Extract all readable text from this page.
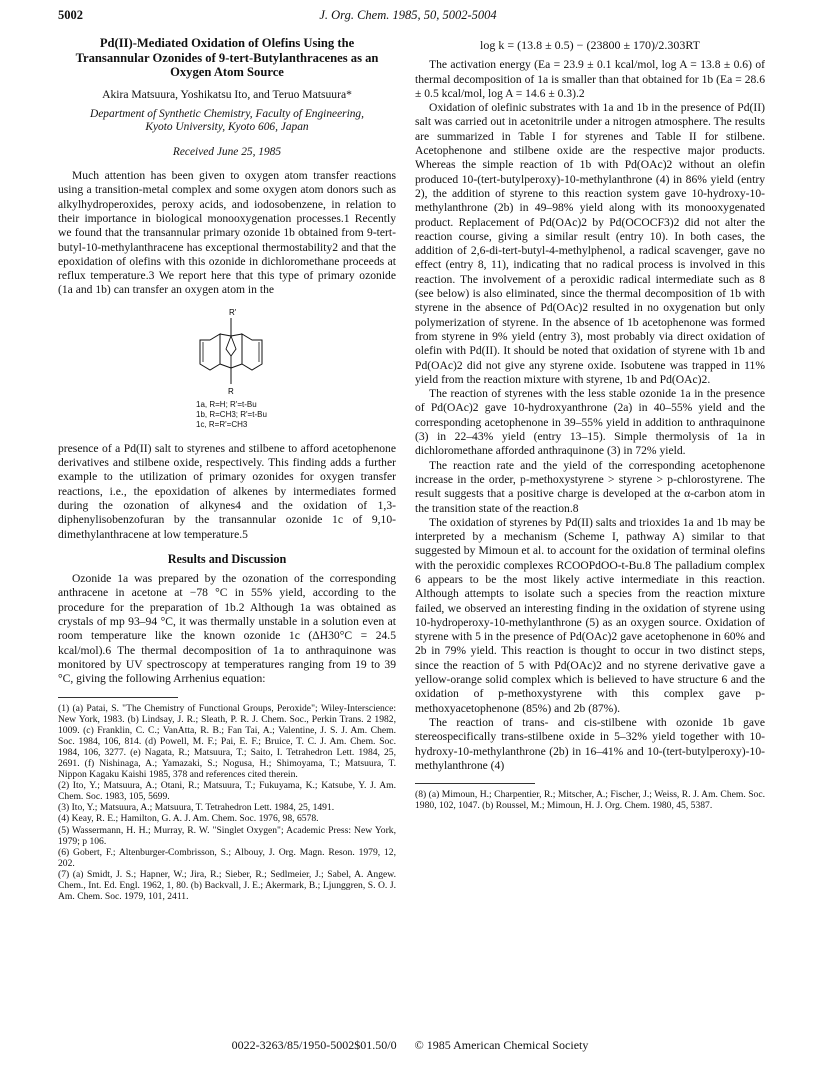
5002	J. Org. Chem. 1985, 50, 5002-5004
Pd(II)-Mediated Oxidation of Olefins Using the Transannular Ozonides of 9-tert-Butylanthracenes as an Oxygen Atom Source
Akira Matsuura, Yoshikatsu Ito, and Teruo Matsuura*
Department of Synthetic Chemistry, Faculty of Engineering, Kyoto University, Kyoto 606, Japan
Received June 25, 1985

Much attention has been given to oxygen atom transfer reactions using a transition-metal complex and some oxygen atom donors such as alkylhydroperoxides, peroxy acids, and iodosobenzene, in relation to their importance in biological monooxygenation processes.1 Recently we found that the transannular primary ozonide 1b obtained from 9-tert-butyl-10-methylanthracene has exceptional thermostability2 and that the epoxidation of olefins with this ozonide in dichloromethane proceeds at reflux temperature.3 We report here that this type of primary ozonide (1a and 1b) can transfer an oxygen atom in the

R'
R
1a, R=H; R'=t-Bu
1b, R=CH3; R'=t-Bu
1c, R=R'=CH3

presence of a Pd(II) salt to styrenes and stilbene to afford acetophenone derivatives and stilbene oxide, respectively. This finding adds a further example to the utilization of primary ozonides for oxygen transfer reactions, i.e., the epoxidation of alkenes by intermediates formed during the ozonation of alkynes4 and the oxidation of 1,3-diphenylisobenzofuran by the transannular ozonide 1c of 9,10-dimethylanthracene at low temperature.5

Results and Discussion

Ozonide 1a was prepared by the ozonation of the corresponding anthracene in acetone at −78 °C in 55% yield, according to the procedure for the preparation of 1b.2 Although 1a was obtained as crystals of mp 93–94 °C, it was thermally unstable in a solution even at room temperature like the known ozonide 1c (ΔH30°C = 24.5 kcal/mol).6 The thermal decomposition of 1a to anthraquinone was monitored by UV spectroscopy at temperatures ranging from 19 to 39 °C, giving the following Arrhenius equation:

(1) (a) Patai, S. "The Chemistry of Functional Groups, Peroxide"; Wiley-Interscience: New York, 1983. (b) Lindsay, J. R.; Sleath, P. R. J. Chem. Soc., Perkin Trans. 2 1982, 1009. (c) Franklin, C. C.; VanAtta, R. B.; Fan Tai, A.; Valentine, J. S. J. Am. Chem. Soc. 1984, 106, 814. (d) Powell, M. F.; Pai, E. F.; Bruice, T. C. J. Am. Chem. Soc. 1984, 106, 3277. (e) Nagata, R.; Matsuura, T.; Saito, I. Tetrahedron Lett. 1984, 25, 2691. (f) Nishinaga, A.; Yamazaki, S.; Nogusa, H.; Shimoyama, T.; Matsuura, T. Nippon Kagaku Kaishi 1985, 378 and references cited therein.
(2) Ito, Y.; Matsuura, A.; Otani, R.; Matsuura, T.; Fukuyama, K.; Katsube, Y. J. Am. Chem. Soc. 1983, 105, 5699.
(3) Ito, Y.; Matsuura, A.; Matsuura, T. Tetrahedron Lett. 1984, 25, 1491.
(4) Keay, R. E.; Hamilton, G. A. J. Am. Chem. Soc. 1976, 98, 6578.
(5) Wassermann, H. H.; Murray, R. W. "Singlet Oxygen"; Academic Press: New York, 1979; p 106.
(6) Gobert, F.; Altenburger-Combrisson, S.; Albouy, J. Org. Magn. Reson. 1979, 12, 202.
(7) (a) Smidt, J. S.; Hapner, W.; Jira, R.; Sieber, R.; Sedlmeier, J.; Sabel, A. Angew. Chem., Int. Ed. Engl. 1962, 1, 80. (b) Backvall, J. E.; Akermark, B.; Ljunggren, S. O. J. Am. Chem. Soc. 1979, 101, 2411.
log k = (13.8 ± 0.5) − (23800 ± 170)/2.303RT

The activation energy (Ea = 23.9 ± 0.1 kcal/mol, log A = 13.8 ± 0.6) of thermal decomposition of 1a is smaller than that obtained for 1b (Ea = 28.6 ± 0.5 kcal/mol, log A = 14.6 ± 0.3).2

Oxidation of olefinic substrates with 1a and 1b in the presence of Pd(II) salt was carried out in acetonitrile under a nitrogen atmosphere. The results are summarized in Table I for styrenes and Table II for stilbene. Acetophenone and stilbene oxide are the respective major products. Whereas the simple reaction of 1b with Pd(OAc)2 without an olefin produced 10-(tert-butylperoxy)-10-methylanthrone (4) in 86% yield (entry 2), the addition of styrene to this reaction system gave 10-hydroxy-10-methylanthrone (2b) in 49–98% yield along with its monooxygenated product. Replacement of Pd(OAc)2 by Pd(OCOCF3)2 did not alter the reaction course, giving a similar result (entry 10). In both cases, the addition of 2,6-di-tert-butyl-4-methylphenol, a radical scavenger, gave no effect (entry 8, 11), indicating that no radical process is involved in this reaction. The involvement of a peroxidic radical intermediate such as 8 (see below) is also eliminated, since the thermal decomposition of 1b with styrene in the absence of Pd(OAc)2 resulted in no oxygenation but only polymerization of styrene. In the absence of 1b acetophenone was formed from styrene in 9% yield (entry 3), most probably via direct oxidation of olefin with Pd(II). It should be noted that oxidation of styrene with 1b and Pd(OAc)2 did not give any styrene oxide. Isobutene was trapped in 11% yield from the reaction mixture with styrene, 1b and Pd(OAc)2.

The reaction of styrenes with the less stable ozonide 1a in the presence of Pd(OAc)2 gave 10-hydroxyanthrone (2a) in 40–55% yield and the corresponding acetophenone in 39–55% yield in addition to anthraquinone (3) in 22–43% yield (entry 13–15). Simple thermolysis of 1a in dichloromethane afforded anthraquinone (3) in 72% yield.

The reaction rate and the yield of the corresponding acetophenone increase in the order, p-methoxystyrene > styrene > p-chlorostyrene. The result suggests that a positive charge is developed at the α-carbon atom in the transition state of the reaction.8

The oxidation of styrenes by Pd(II) salts and trioxides 1a and 1b may be interpreted by a mechanism (Scheme I, pathway A) similar to that suggested by Mimoun et al. to account for the oxidation of terminal olefins with the peroxidic complexes RCOOPdOO-t-Bu.8 The palladium complex 6 appears to be the most likely active intermediate in this reaction. Although attempts to isolate such a species from the reaction mixture failed, we observed an interesting finding in the oxidation of styrene using 10-hydroperoxy-10-methylanthrone (5) as an oxygen source. Oxidation of styrene with 5 in the presence of Pd(OAc)2 gave acetophenone in 60% and 2b in 79% yield. This reaction is thought to occur in two distinct steps, since the reaction of 5 with Pd(OAc)2 and no styrene derivative gave a yellow-orange solid complex which is believed to have structure 6 and the oxidation of p-methoxystyrene with this complex gave p-methoxyacetophenone (85%) and 2b (87%).

The reaction of trans- and cis-stilbene with ozonide 1b gave stereospecifically trans-stilbene oxide in 5–32% yield together with 10-hydroxy-10-methylanthrone (2b) in 16–41% and 10-(tert-butylperoxy)-10-methylanthrone (4)

(8) (a) Mimoun, H.; Charpentier, R.; Mitscher, A.; Fischer, J.; Weiss, R. J. Am. Chem. Soc. 1980, 102, 1047. (b) Roussel, M.; Mimoun, H. J. Org. Chem. 1980, 45, 5387.
0022-3263/85/1950-5002$01.50/0 © 1985 American Chemical Society
